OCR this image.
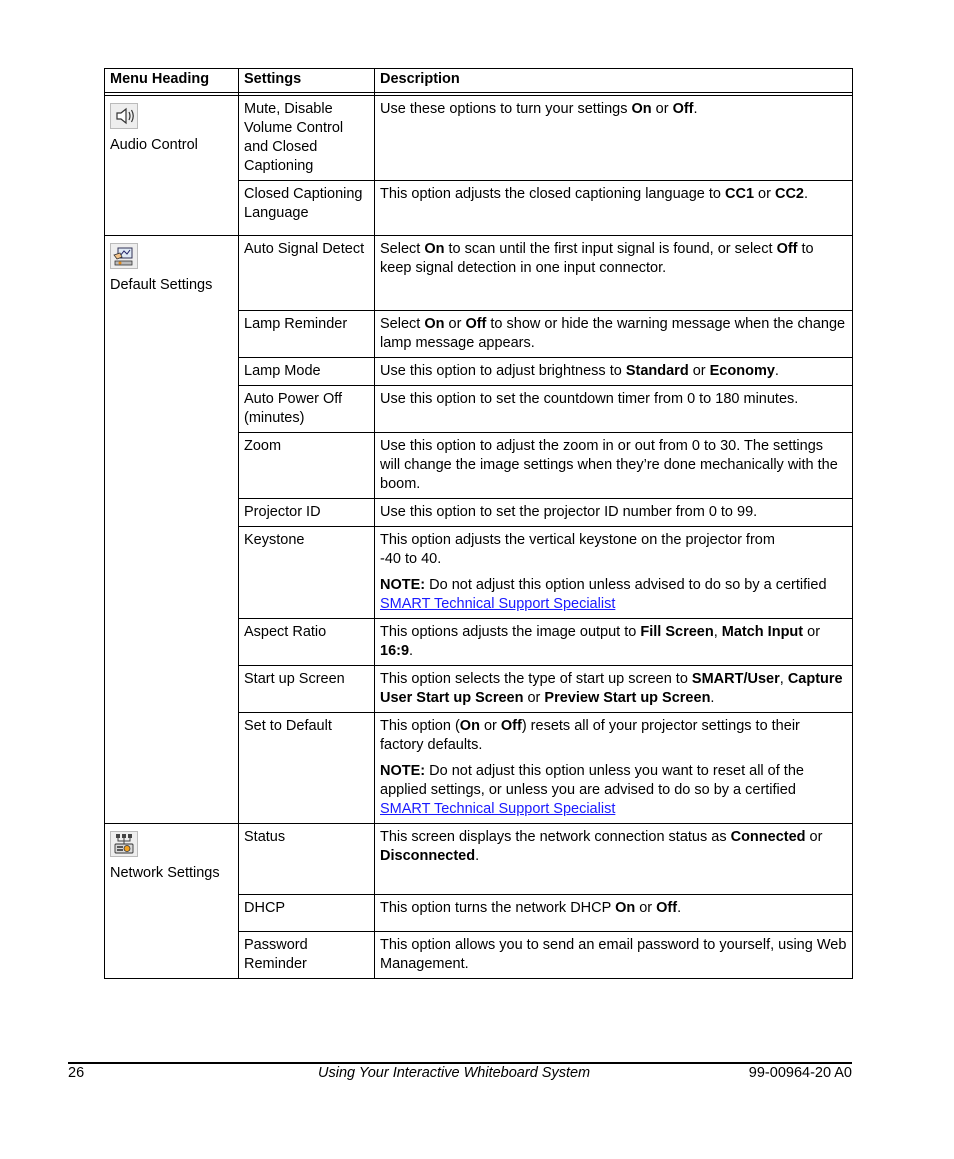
Menu Heading	Settings	Description

Audio Control	Mute, Disable Volume Control and Closed Captioning	Use these options to turn your settings On or Off.

	Closed Captioning Language	This option adjusts the closed captioning language to CC1 or CC2.

Default Settings	Auto Signal Detect	Select On to scan until the first input signal is found, or select Off to keep signal detection in one input connector.

	Lamp Reminder	Select On or Off to show or hide the warning message when the change lamp message appears.

	Lamp Mode	Use this option to adjust brightness to Standard or Economy.

	Auto Power Off (minutes)	Use this option to set the countdown timer from 0 to 180 minutes.

	Zoom	Use this option to adjust the zoom in or out from 0 to 30. The settings will change the image settings when they’re done mechanically with the boom.

	Projector ID	Use this option to set the projector ID number from 0 to 99.

	Keystone	This option adjusts the vertical keystone on the projector from
-40 to 40.
NOTE: Do not adjust this option unless advised to do so by a certified
SMART Technical Support Specialist

	Aspect Ratio	This options adjusts the image output to Fill Screen, Match Input or 16:9.

	Start up Screen	This option selects the type of start up screen to SMART/User, Capture User Start up Screen or Preview Start up Screen.

	Set to Default	This option (On or Off) resets all of your projector settings to their factory defaults.
NOTE: Do not adjust this option unless you want to reset all of the applied settings, or unless you are advised to do so by a certified
SMART Technical Support Specialist

Network Settings	Status	This screen displays the network connection status as Connected or Disconnected.

	DHCP	This option turns the network DHCP On or Off.

	Password Reminder	This option allows you to send an email password to yourself, using Web Management.
26	Using Your Interactive Whiteboard System	99-00964-20 A0
